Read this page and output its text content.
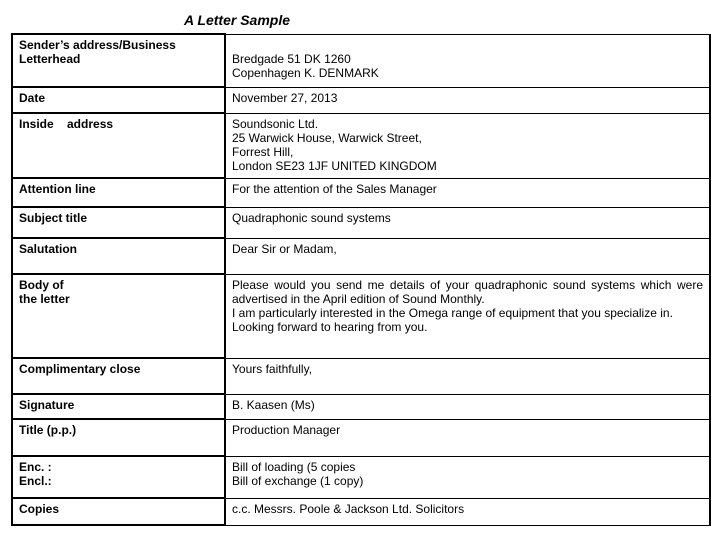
A Letter Sample
Sender’s address/Business Letterhead	Bredgade 51 DK 1260
Copenhagen K. DENMARK
Date	November 27, 2013
Inside    address	Soundsonic Ltd.
25 Warwick House, Warwick Street,
Forrest Hill,
London SE23 1JF UNITED KINGDOM
Attention line	For the attention of the Sales Manager
Subject title	Quadraphonic sound systems
Salutation	Dear Sir or Madam,
Body of
the letter	Please would you send me details of your quadraphonic sound systems which were advertised in the April edition of Sound Monthly.
I am particularly interested in the Omega range of equipment that you specialize in.
Looking forward to hearing from you.
Complimentary close	Yours faithfully,
Signature	B. Kaasen (Ms)
Title (p.p.)	Production Manager
Enc. :
Encl.:	Bill of loading (5 copies
Bill of exchange (1 copy)
Copies	c.c. Messrs. Poole & Jackson Ltd. Solicitors
